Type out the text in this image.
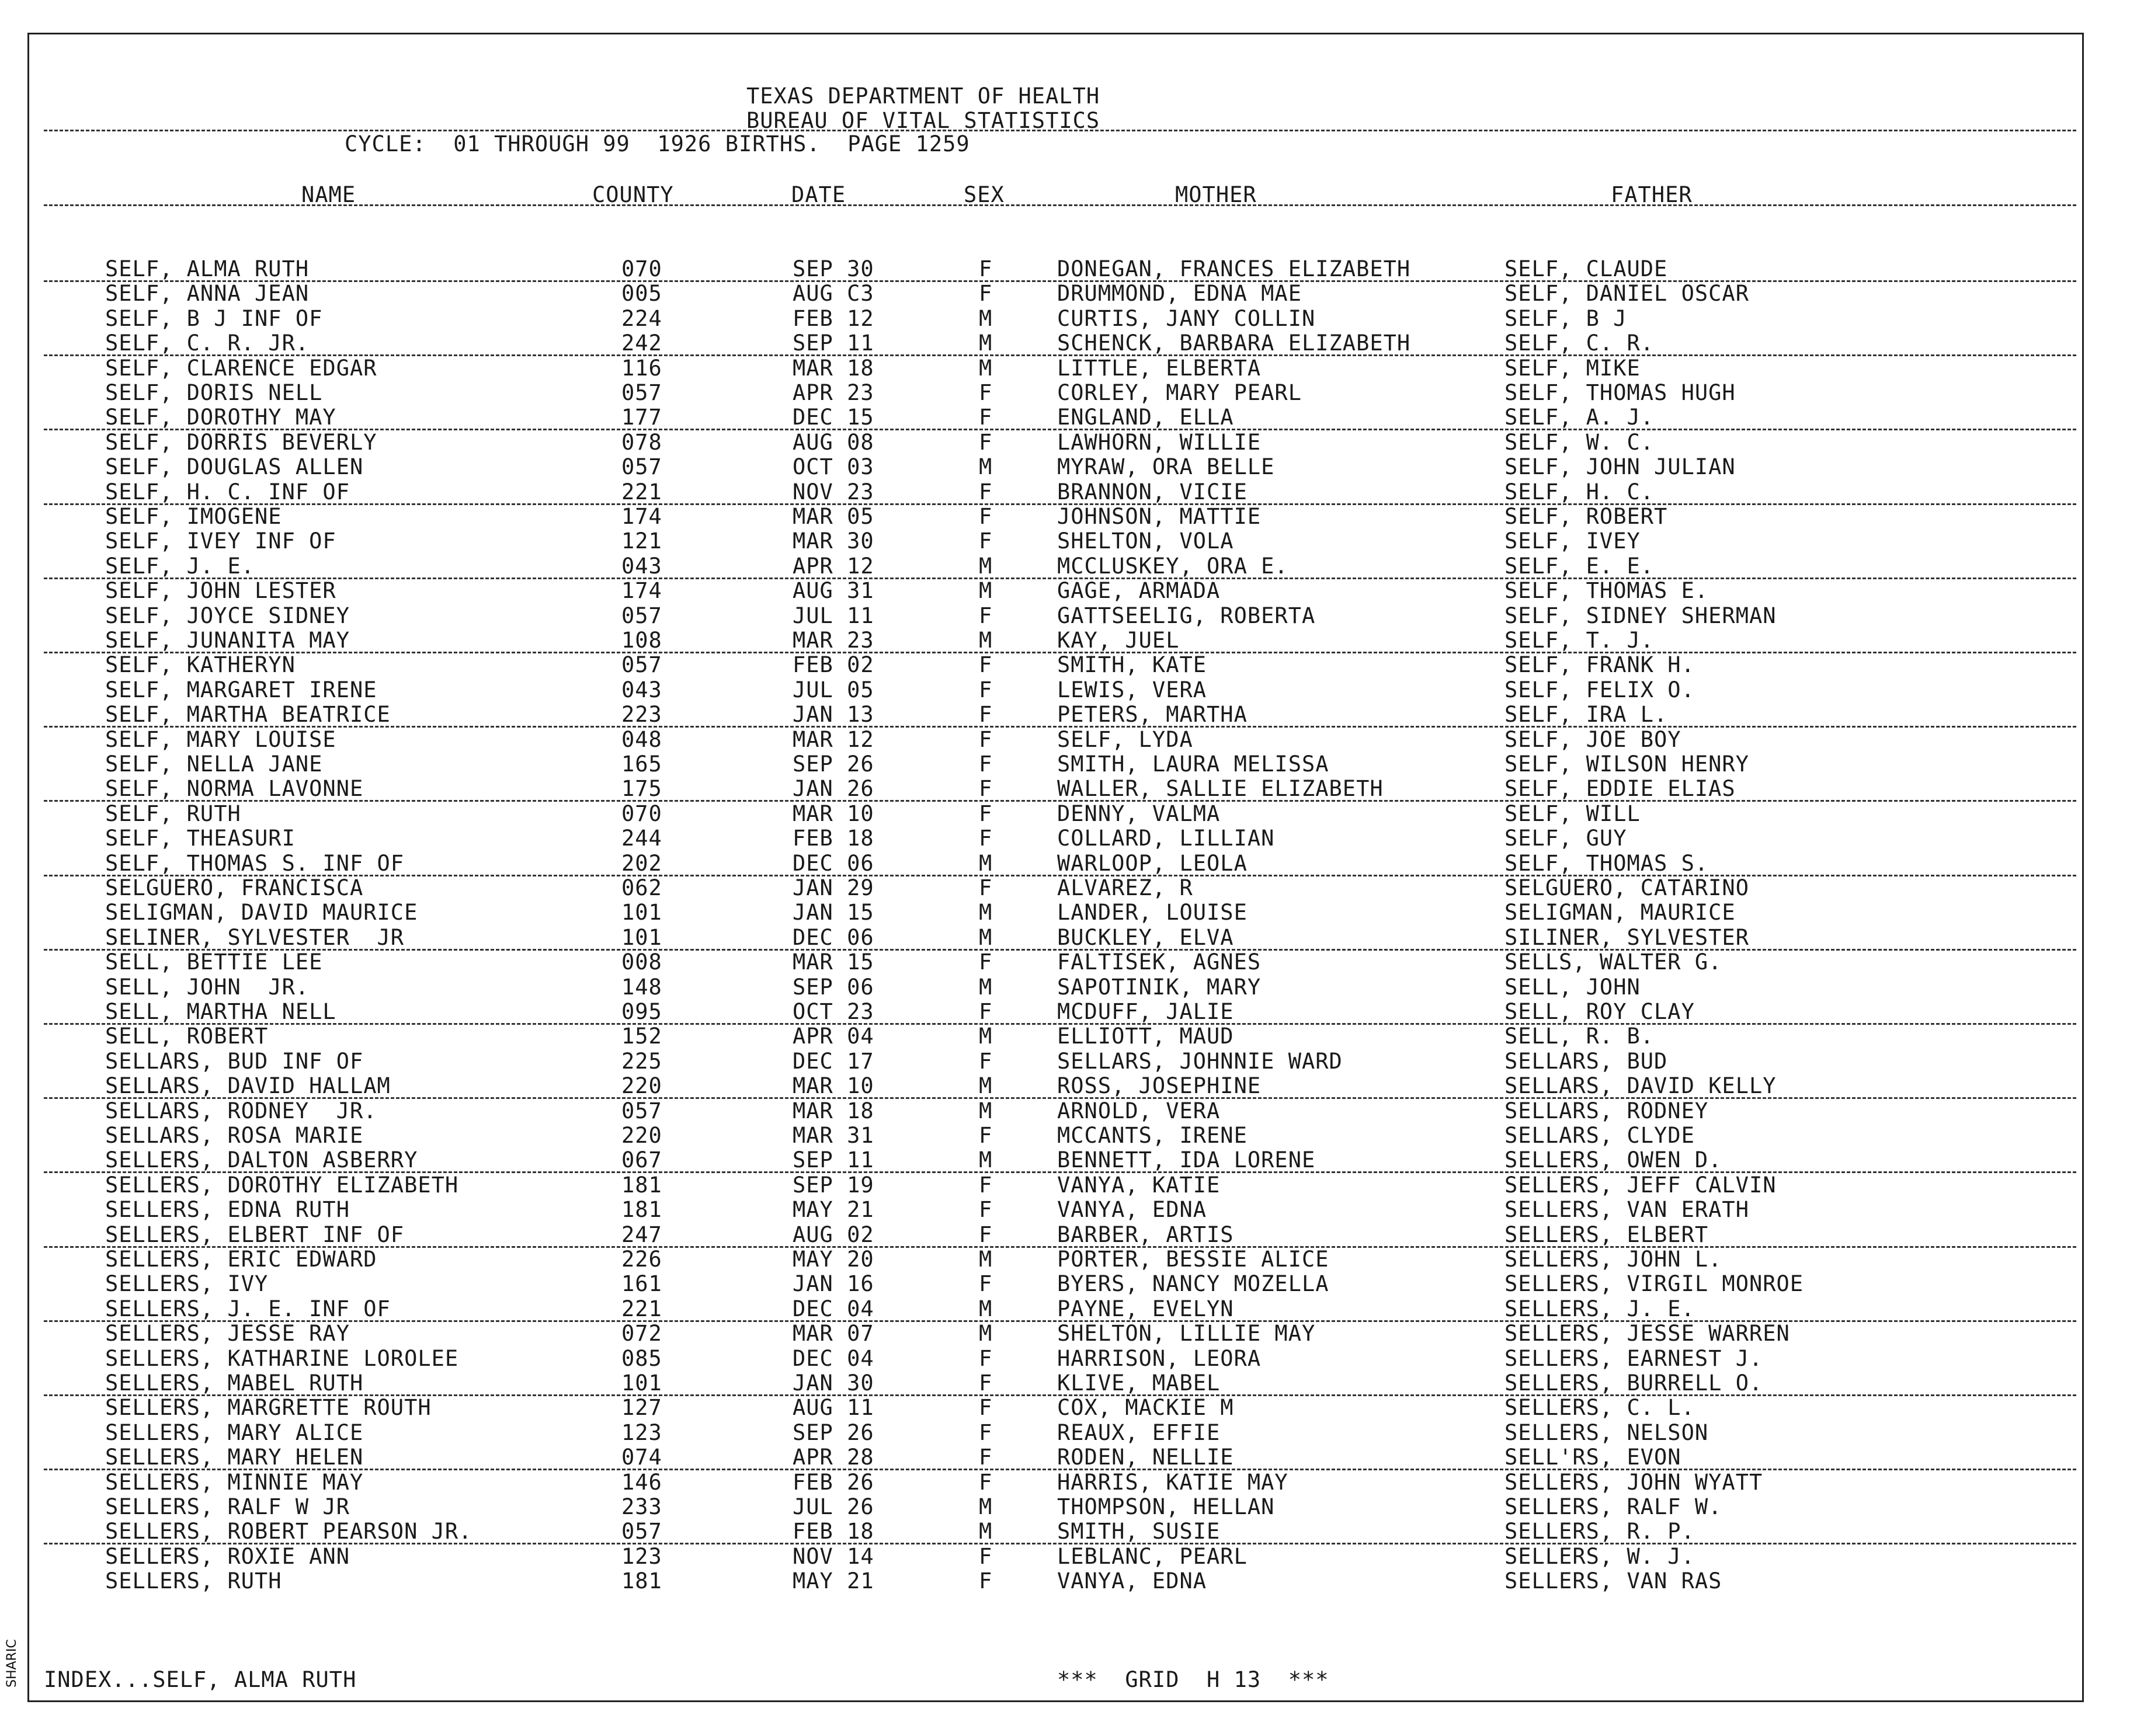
TEXAS DEPARTMENT OF HEALTH
BUREAU OF VITAL STATISTICS
CYCLE:  01 THROUGH 99  1926 BIRTHS.  PAGE 1259
NAME	COUNTY	DATE	SEX	MOTHER	FATHER
SELF, ALMA RUTH	070	SEP 30	F	DONEGAN, FRANCES ELIZABETH	SELF, CLAUDE
SELF, ANNA JEAN	005	AUG C3	F	DRUMMOND, EDNA MAE	SELF, DANIEL OSCAR
SELF, B J INF OF	224	FEB 12	M	CURTIS, JANY COLLIN	SELF, B J
SELF, C. R. JR.	242	SEP 11	M	SCHENCK, BARBARA ELIZABETH	SELF, C. R.
SELF, CLARENCE EDGAR	116	MAR 18	M	LITTLE, ELBERTA	SELF, MIKE
SELF, DORIS NELL	057	APR 23	F	CORLEY, MARY PEARL	SELF, THOMAS HUGH
SELF, DOROTHY MAY	177	DEC 15	F	ENGLAND, ELLA	SELF, A. J.
SELF, DORRIS BEVERLY	078	AUG 08	F	LAWHORN, WILLIE	SELF, W. C.
SELF, DOUGLAS ALLEN	057	OCT 03	M	MYRAW, ORA BELLE	SELF, JOHN JULIAN
SELF, H. C. INF OF	221	NOV 23	F	BRANNON, VICIE	SELF, H. C.
SELF, IMOGENE	174	MAR 05	F	JOHNSON, MATTIE	SELF, ROBERT
SELF, IVEY INF OF	121	MAR 30	F	SHELTON, VOLA	SELF, IVEY
SELF, J. E.	043	APR 12	M	MCCLUSKEY, ORA E.	SELF, E. E.
SELF, JOHN LESTER	174	AUG 31	M	GAGE, ARMADA	SELF, THOMAS E.
SELF, JOYCE SIDNEY	057	JUL 11	F	GATTSEELIG, ROBERTA	SELF, SIDNEY SHERMAN
SELF, JUNANITA MAY	108	MAR 23	M	KAY, JUEL	SELF, T. J.
SELF, KATHERYN	057	FEB 02	F	SMITH, KATE	SELF, FRANK H.
SELF, MARGARET IRENE	043	JUL 05	F	LEWIS, VERA	SELF, FELIX O.
SELF, MARTHA BEATRICE	223	JAN 13	F	PETERS, MARTHA	SELF, IRA L.
SELF, MARY LOUISE	048	MAR 12	F	SELF, LYDA	SELF, JOE BOY
SELF, NELLA JANE	165	SEP 26	F	SMITH, LAURA MELISSA	SELF, WILSON HENRY
SELF, NORMA LAVONNE	175	JAN 26	F	WALLER, SALLIE ELIZABETH	SELF, EDDIE ELIAS
SELF, RUTH	070	MAR 10	F	DENNY, VALMA	SELF, WILL
SELF, THEASURI	244	FEB 18	F	COLLARD, LILLIAN	SELF, GUY
SELF, THOMAS S. INF OF	202	DEC 06	M	WARLOOP, LEOLA	SELF, THOMAS S.
SELGUERO, FRANCISCA	062	JAN 29	F	ALVAREZ, R	SELGUERO, CATARINO
SELIGMAN, DAVID MAURICE	101	JAN 15	M	LANDER, LOUISE	SELIGMAN, MAURICE
SELINER, SYLVESTER  JR	101	DEC 06	M	BUCKLEY, ELVA	SILINER, SYLVESTER
SELL, BETTIE LEE	008	MAR 15	F	FALTISEK, AGNES	SELLS, WALTER G.
SELL, JOHN  JR.	148	SEP 06	M	SAPOTINIK, MARY	SELL, JOHN
SELL, MARTHA NELL	095	OCT 23	F	MCDUFF, JALIE	SELL, ROY CLAY
SELL, ROBERT	152	APR 04	M	ELLIOTT, MAUD	SELL, R. B.
SELLARS, BUD INF OF	225	DEC 17	F	SELLARS, JOHNNIE WARD	SELLARS, BUD
SELLARS, DAVID HALLAM	220	MAR 10	M	ROSS, JOSEPHINE	SELLARS, DAVID KELLY
SELLARS, RODNEY  JR.	057	MAR 18	M	ARNOLD, VERA	SELLARS, RODNEY
SELLARS, ROSA MARIE	220	MAR 31	F	MCCANTS, IRENE	SELLARS, CLYDE
SELLERS, DALTON ASBERRY	067	SEP 11	M	BENNETT, IDA LORENE	SELLERS, OWEN D.
SELLERS, DOROTHY ELIZABETH	181	SEP 19	F	VANYA, KATIE	SELLERS, JEFF CALVIN
SELLERS, EDNA RUTH	181	MAY 21	F	VANYA, EDNA	SELLERS, VAN ERATH
SELLERS, ELBERT INF OF	247	AUG 02	F	BARBER, ARTIS	SELLERS, ELBERT
SELLERS, ERIC EDWARD	226	MAY 20	M	PORTER, BESSIE ALICE	SELLERS, JOHN L.
SELLERS, IVY	161	JAN 16	F	BYERS, NANCY MOZELLA	SELLERS, VIRGIL MONROE
SELLERS, J. E. INF OF	221	DEC 04	M	PAYNE, EVELYN	SELLERS, J. E.
SELLERS, JESSE RAY	072	MAR 07	M	SHELTON, LILLIE MAY	SELLERS, JESSE WARREN
SELLERS, KATHARINE LOROLEE	085	DEC 04	F	HARRISON, LEORA	SELLERS, EARNEST J.
SELLERS, MABEL RUTH	101	JAN 30	F	KLIVE, MABEL	SELLERS, BURRELL O.
SELLERS, MARGRETTE ROUTH	127	AUG 11	F	COX, MACKIE M	SELLERS, C. L.
SELLERS, MARY ALICE	123	SEP 26	F	REAUX, EFFIE	SELLERS, NELSON
SELLERS, MARY HELEN	074	APR 28	F	RODEN, NELLIE	SELL'RS, EVON
SELLERS, MINNIE MAY	146	FEB 26	F	HARRIS, KATIE MAY	SELLERS, JOHN WYATT
SELLERS, RALF W JR	233	JUL 26	M	THOMPSON, HELLAN	SELLERS, RALF W.
SELLERS, ROBERT PEARSON JR.	057	FEB 18	M	SMITH, SUSIE	SELLERS, R. P.
SELLERS, ROXIE ANN	123	NOV 14	F	LEBLANC, PEARL	SELLERS, W. J.
SELLERS, RUTH	181	MAY 21	F	VANYA, EDNA	SELLERS, VAN RAS
INDEX...SELF, ALMA RUTH	***  GRID  H 13  ***
SHARIC
